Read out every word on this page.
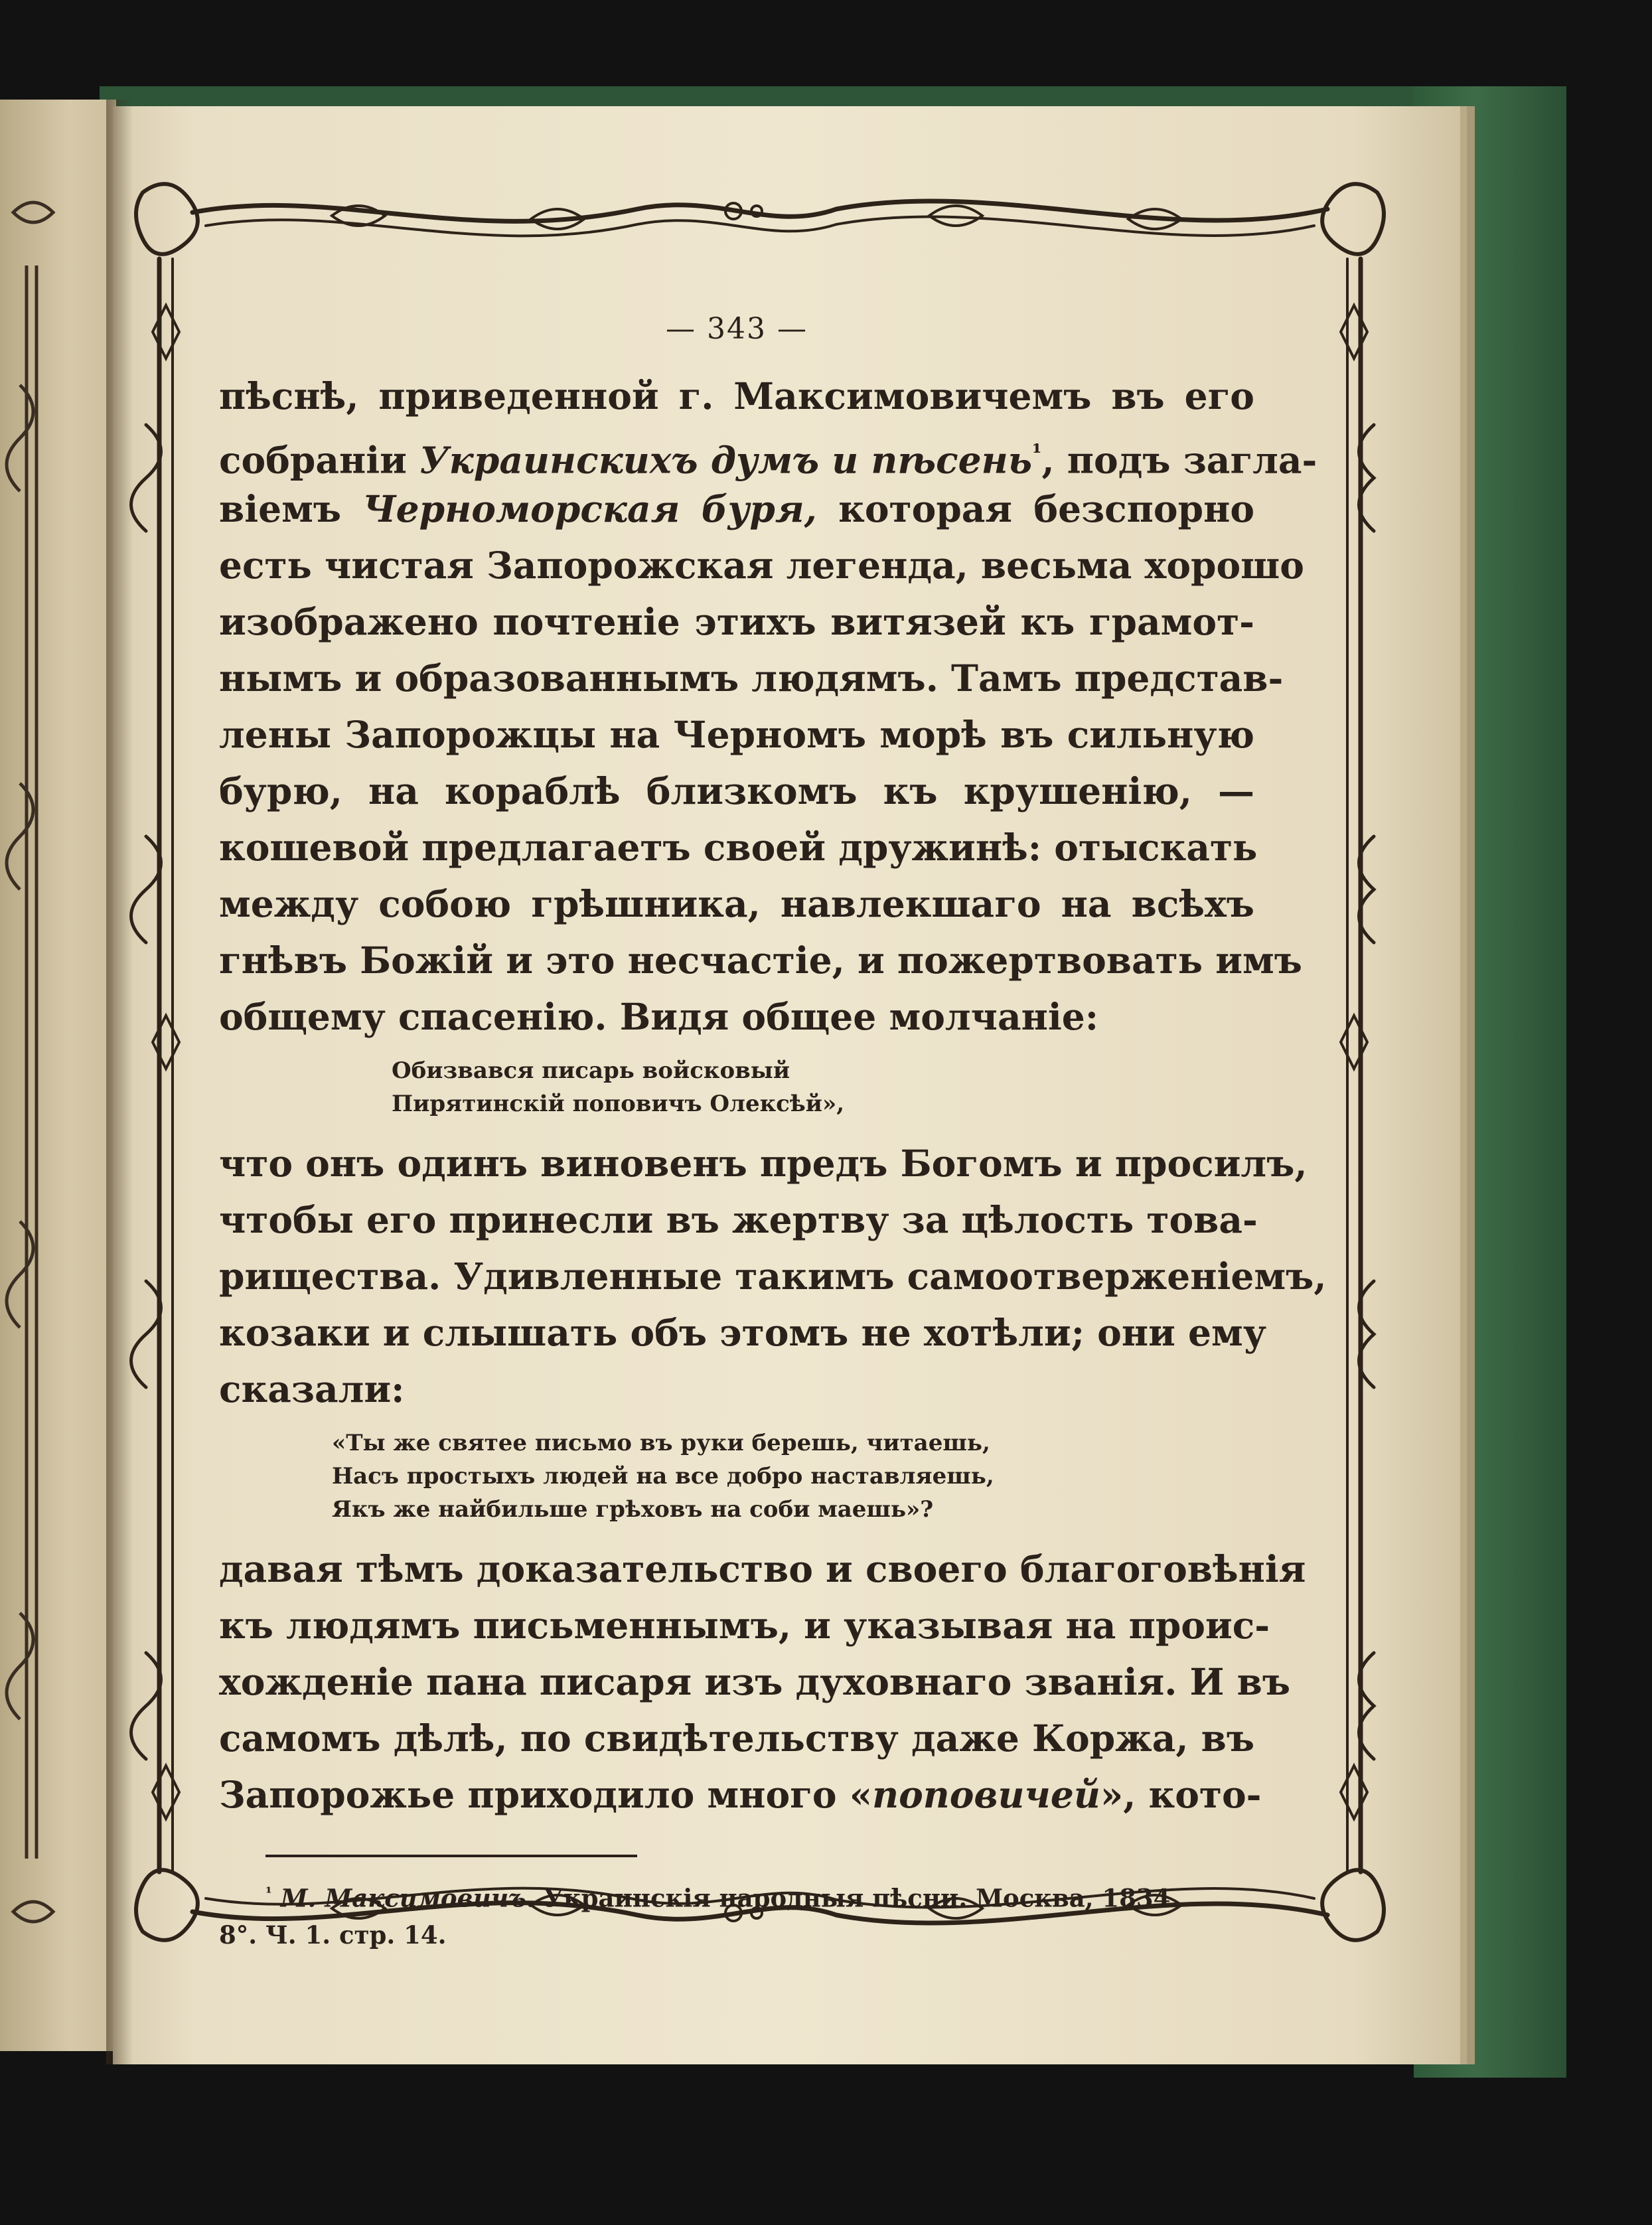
— 343 —
пѣснѣ, приведенной г. Максимовичемъ въ его
собраніи Украинскихъ думъ и пѣсень$^{^1}$, подъ загла-
віемъ Черноморская буря, которая безспорно
есть чистая Запорожская легенда, весьма хорошо
изображено почтеніе этихъ витязей къ грамот-
нымъ и образованнымъ людямъ. Тамъ представ-
лены Запорожцы на Черномъ морѣ въ сильную
бурю, на кораблѣ близкомъ къ крушенію, —
кошевой предлагаетъ своей дружинѣ: отыскать
между собою грѣшника, навлекшаго на всѣхъ
гнѣвъ Божій и это несчастіе, и пожертвовать имъ
общему спасенію. Видя общее молчаніе:
Обизвався писарь войсковый
Пирятинскій поповичъ Олексѣй»,
что онъ одинъ виновенъ предъ Богомъ и просилъ,
чтобы его принесли въ жертву за цѣлость това-
рищества. Удивленные такимъ самоотверженіемъ,
козаки и слышать объ этомъ не хотѣли; они ему
сказали:
«Ты же святее письмо въ руки берешь, читаешь,
Насъ простыхъ людей на все добро наставляешь,
Якъ же найбильше грѣховъ на соби маешь»?
давая тѣмъ доказательство и своего благоговѣнія
къ людямъ письменнымъ, и указывая на проис-
хожденіе пана писаря изъ духовнаго званія. И въ
самомъ дѣлѣ, по свидѣтельству даже Коржа, въ
Запорожье приходило много «поповичей», кото-
$^{^1}$ М. Максимовичъ. Украинскія народныя пѣсни. Москва, 1834.
8°. Ч. 1. стр. 14.
